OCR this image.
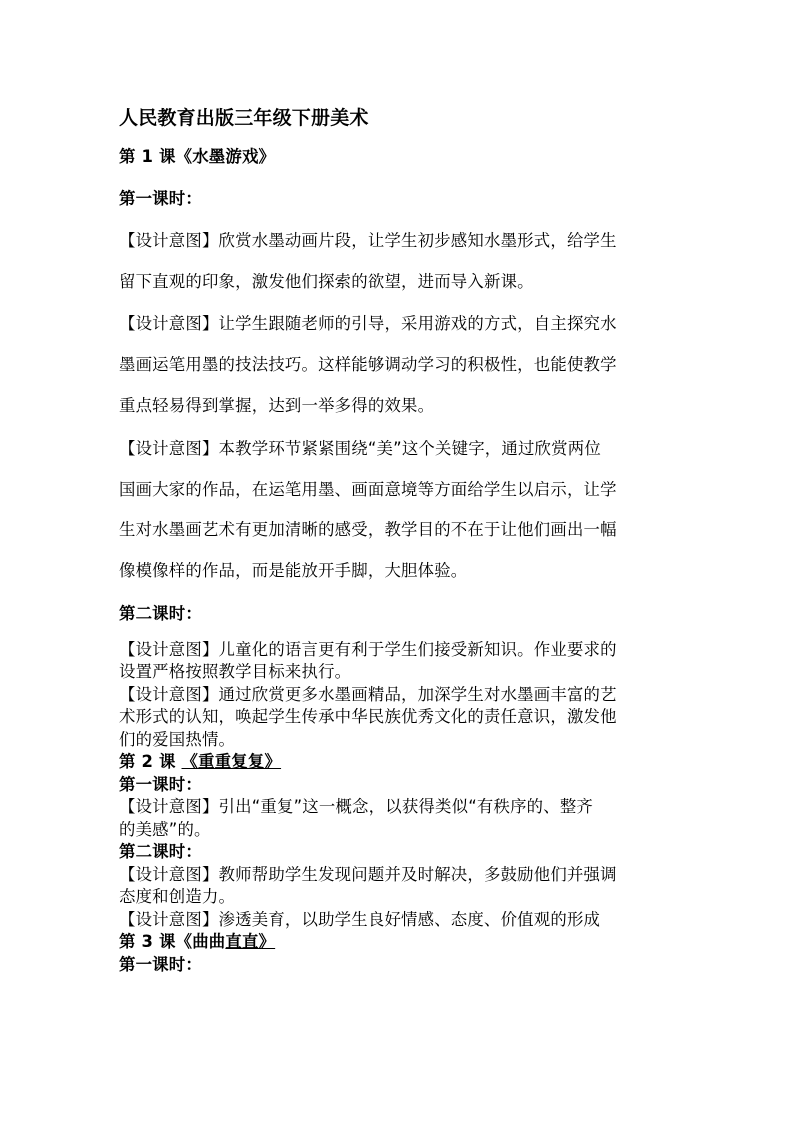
人民教育出版三年级下册美术
第 1 课《水墨游戏》
第一课时：
【设计意图】欣赏水墨动画片段，让学生初步感知水墨形式，给学生
留下直观的印象，激发他们探索的欲望，进而导入新课。
【设计意图】让学生跟随老师的引导，采用游戏的方式，自主探究水
墨画运笔用墨的技法技巧。这样能够调动学习的积极性，也能使教学
重点轻易得到掌握，达到一举多得的效果。
【设计意图】本教学环节紧紧围绕“美”这个关键字，通过欣赏两位
国画大家的作品，在运笔用墨、画面意境等方面给学生以启示，让学
生对水墨画艺术有更加清晰的感受，教学目的不在于让他们画出一幅
像模像样的作品，而是能放开手脚，大胆体验。
第二课时：
【设计意图】儿童化的语言更有利于学生们接受新知识。作业要求的
设置严格按照教学目标来执行。
【设计意图】通过欣赏更多水墨画精品，加深学生对水墨画丰富的艺
术形式的认知，唤起学生传承中华民族优秀文化的责任意识，激发他
们的爱国热情。
第 2 课 《重重复复》
第一课时：
【设计意图】引出“重复”这一概念，以获得类似“有秩序的、整齐
的美感”的。
第二课时：
【设计意图】教师帮助学生发现问题并及时解决，多鼓励他们并强调
态度和创造力。
【设计意图】渗透美育，以助学生良好情感、态度、价值观的形成
第 3 课《曲曲直直》
第一课时：
